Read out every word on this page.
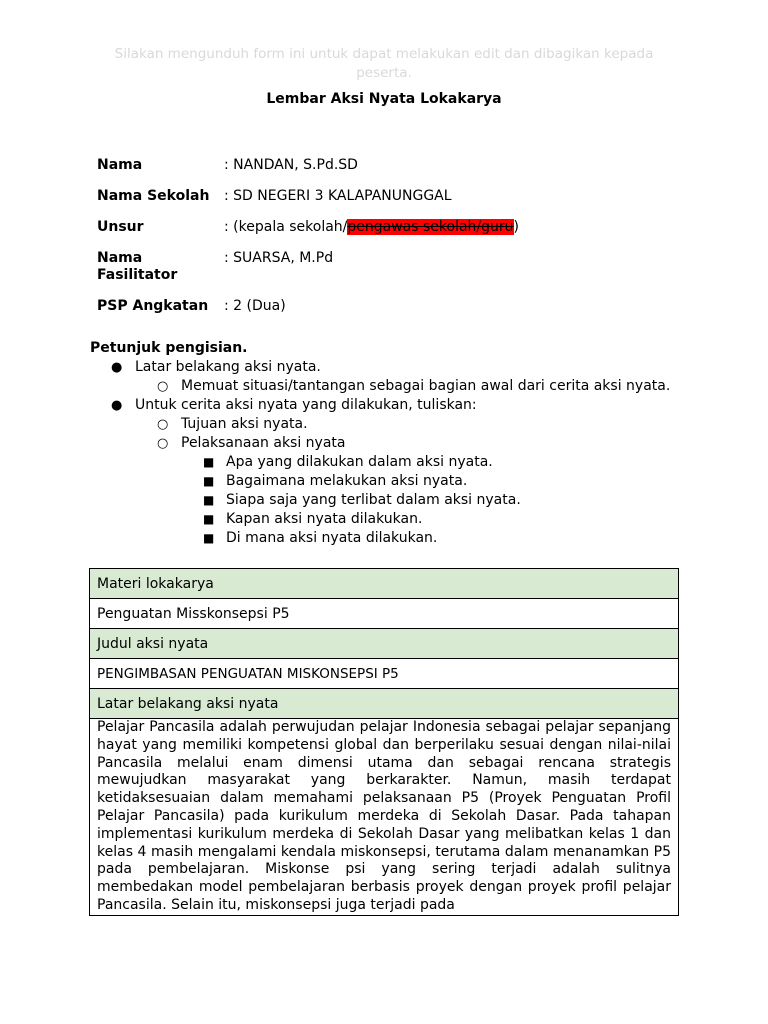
Silakan mengunduh form ini untuk dapat melakukan edit dan dibagikan kepada peserta.
Lembar Aksi Nyata Lokakarya
Nama	: NANDAN, S.Pd.SD
Nama Sekolah	: SD NEGERI 3 KALAPANUNGGAL
Unsur	: (kepala sekolah/pengawas sekolah/guru)
Nama Fasilitator
: SUARSA, M.Pd
PSP Angkatan	: 2 (Dua)
Petunjuk pengisian.
● Latar belakang aksi nyata.
○ Memuat situasi/tantangan sebagai bagian awal dari cerita aksi nyata.
● Untuk cerita aksi nyata yang dilakukan, tuliskan:
○ Tujuan aksi nyata.
○ Pelaksanaan aksi nyata
■ Apa yang dilakukan dalam aksi nyata.
■ Bagaimana melakukan aksi nyata.
■ Siapa saja yang terlibat dalam aksi nyata.
■ Kapan aksi nyata dilakukan.
■ Di mana aksi nyata dilakukan.
Materi lokakarya
Penguatan Misskonsepsi P5
Judul aksi nyata
PENGIMBASAN PENGUATAN MISKONSEPSI P5
Latar belakang aksi nyata
Pelajar Pancasila adalah perwujudan pelajar Indonesia sebagai pelajar sepanjang hayat yang memiliki kompetensi global dan berperilaku sesuai dengan nilai-nilai Pancasila melalui enam dimensi utama dan sebagai rencana strategis mewujudkan masyarakat yang berkarakter. Namun, masih terdapat ketidaksesuaian dalam memahami pelaksanaan P5 (Proyek Penguatan Profil Pelajar Pancasila) pada kurikulum merdeka di Sekolah Dasar. Pada tahapan implementasi kurikulum merdeka di Sekolah Dasar yang melibatkan kelas 1 dan kelas 4 masih mengalami kendala miskonsepsi, terutama dalam menanamkan P5 pada pembelajaran. Miskonse psi yang sering terjadi adalah sulitnya membedakan model pembelajaran berbasis proyek dengan proyek profil pelajar Pancasila. Selain itu, miskonsepsi juga terjadi pada
